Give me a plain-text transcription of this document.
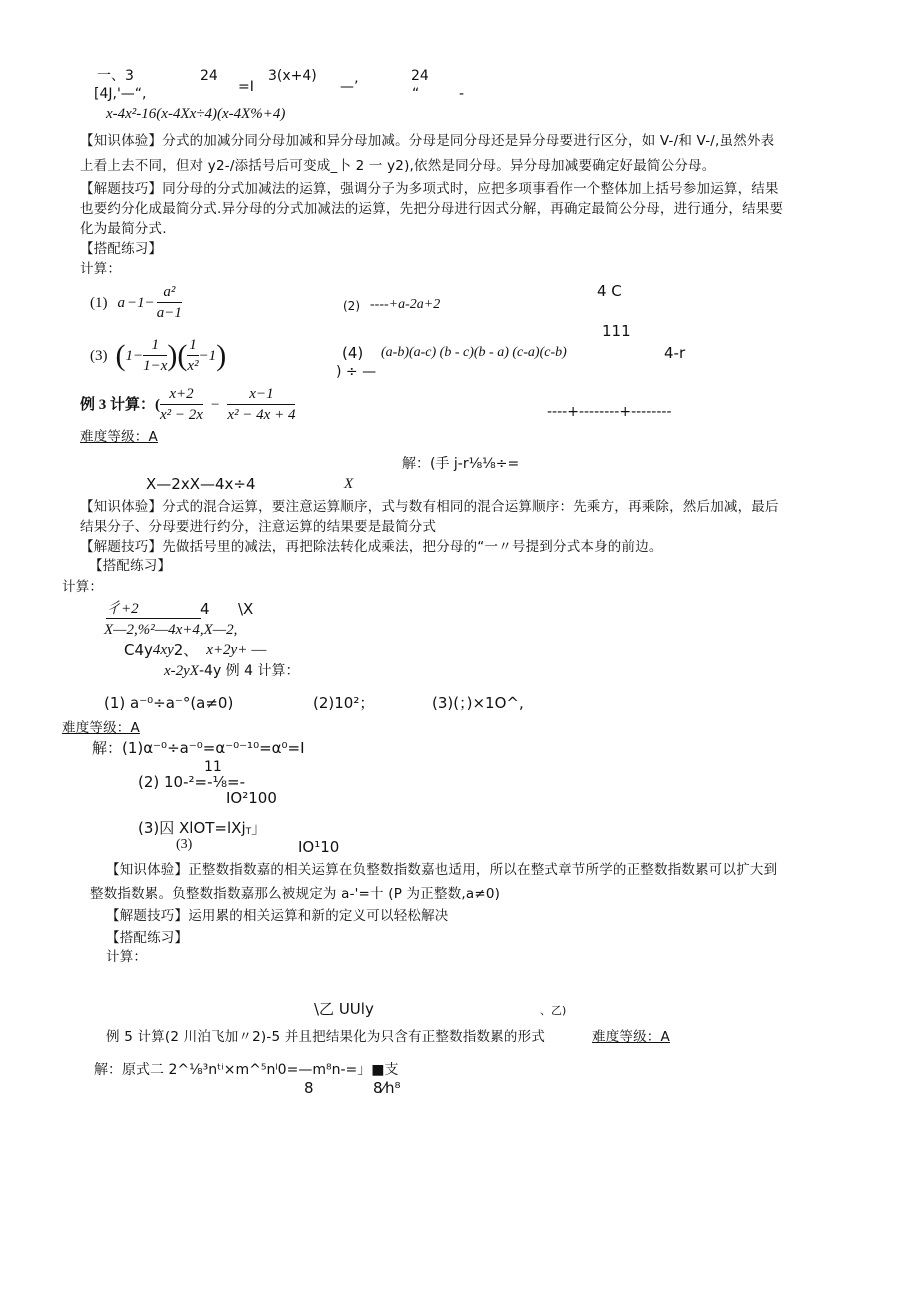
一、3	24
=I
3(x+4)
—’
24
[4J,'—“,	“	-
x-4x²-16(x-4Xx÷4)(x-4X%+4)
【知识体验】分式的加减分同分母加减和异分母加减。分母是同分母还是异分母要进行区分，如 V-/和 V-/,虽然外表
上看上去不同，但对 y2-/添括号后可变成_卜 2 一 y2),依然是同分母。异分母加减要确定好最简公分母。
【解题技巧】同分母的分式加减法的运算，强调分子为多项式时，应把多项事看作一个整体加上括号参加运算，结果
也要约分化成最简分式.异分母的分式加减法的运算，先把分母进行因式分解，再确定最简公分母，进行通分，结果要
化为最简分式.
【搭配练习】
计算：
(1) $a -1- \frac{\text{a²}}{a-1}$	(2) ----+a-2a+2
4 C
111
(3) ( $1- \frac{1}{1-x}$ ) ( $\frac{1}{\text{x²}} -1$ )	(4) (a-b)(a-c) (b - c)(b - a) (c-a)(c-b)	4-r
) ÷ —
例 3 计算：( $\frac{x+2}{\text{x² − 2x}} - \frac{x-1}{\text{x² − 4x + 4}}$	----+--------+--------
难度等级：A
解：(手 j-r⅛⅛÷=
X—2xX—4x÷4	X
【知识体验】分式的混合运算，要注意运算顺序，式与数有相同的混合运算顺序：先乘方，再乘除，然后加减，最后
结果分子、分母要进行约分，注意运算的结果要是最简分式
【解题技巧】先做括号里的减法，再把除法转化成乘法，把分母的“一〃号提到分式本身的前边。
【搭配练习】
计算：
彳+2	4 \X
X—2,%²—4x+4,X—2,
C4y 4xy 2、 x+2y+ —
x-2yX -4y 例 4 计算：
(1) a⁻⁰÷a⁻°(a≠0)	(2)10²；	(3)(；)×1O^,
难度等级：A
解：(1)α⁻⁰÷a⁻⁰=α⁻⁰⁻¹⁰=α⁰=I
11
(2) 10-²=-⅛=-
IO²100
(3)囚 XlOT=lXj T 」
(3)	IO¹10
【知识体验】正整数指数嘉的相关运算在负整数指数嘉也适用，所以在整式章节所学的正整数指数累可以扩大到
整数指数累。负整数指数嘉那么被规定为 a-'=十 (P 为正整数,a≠0)
【解题技巧】运用累的相关运算和新的定义可以轻松解决
【搭配练习】
计算：
\乙 UUly	、乙)
例 5 计算(2 川泊飞加〃2)-5 并且把结果化为只含有正整数指数累的形式	难度等级：A
解：原式二 2^⅛³nᵗⁱ×m^⁵nˡ0=—m⁸n-=」■支
8	8⁄h⁸
